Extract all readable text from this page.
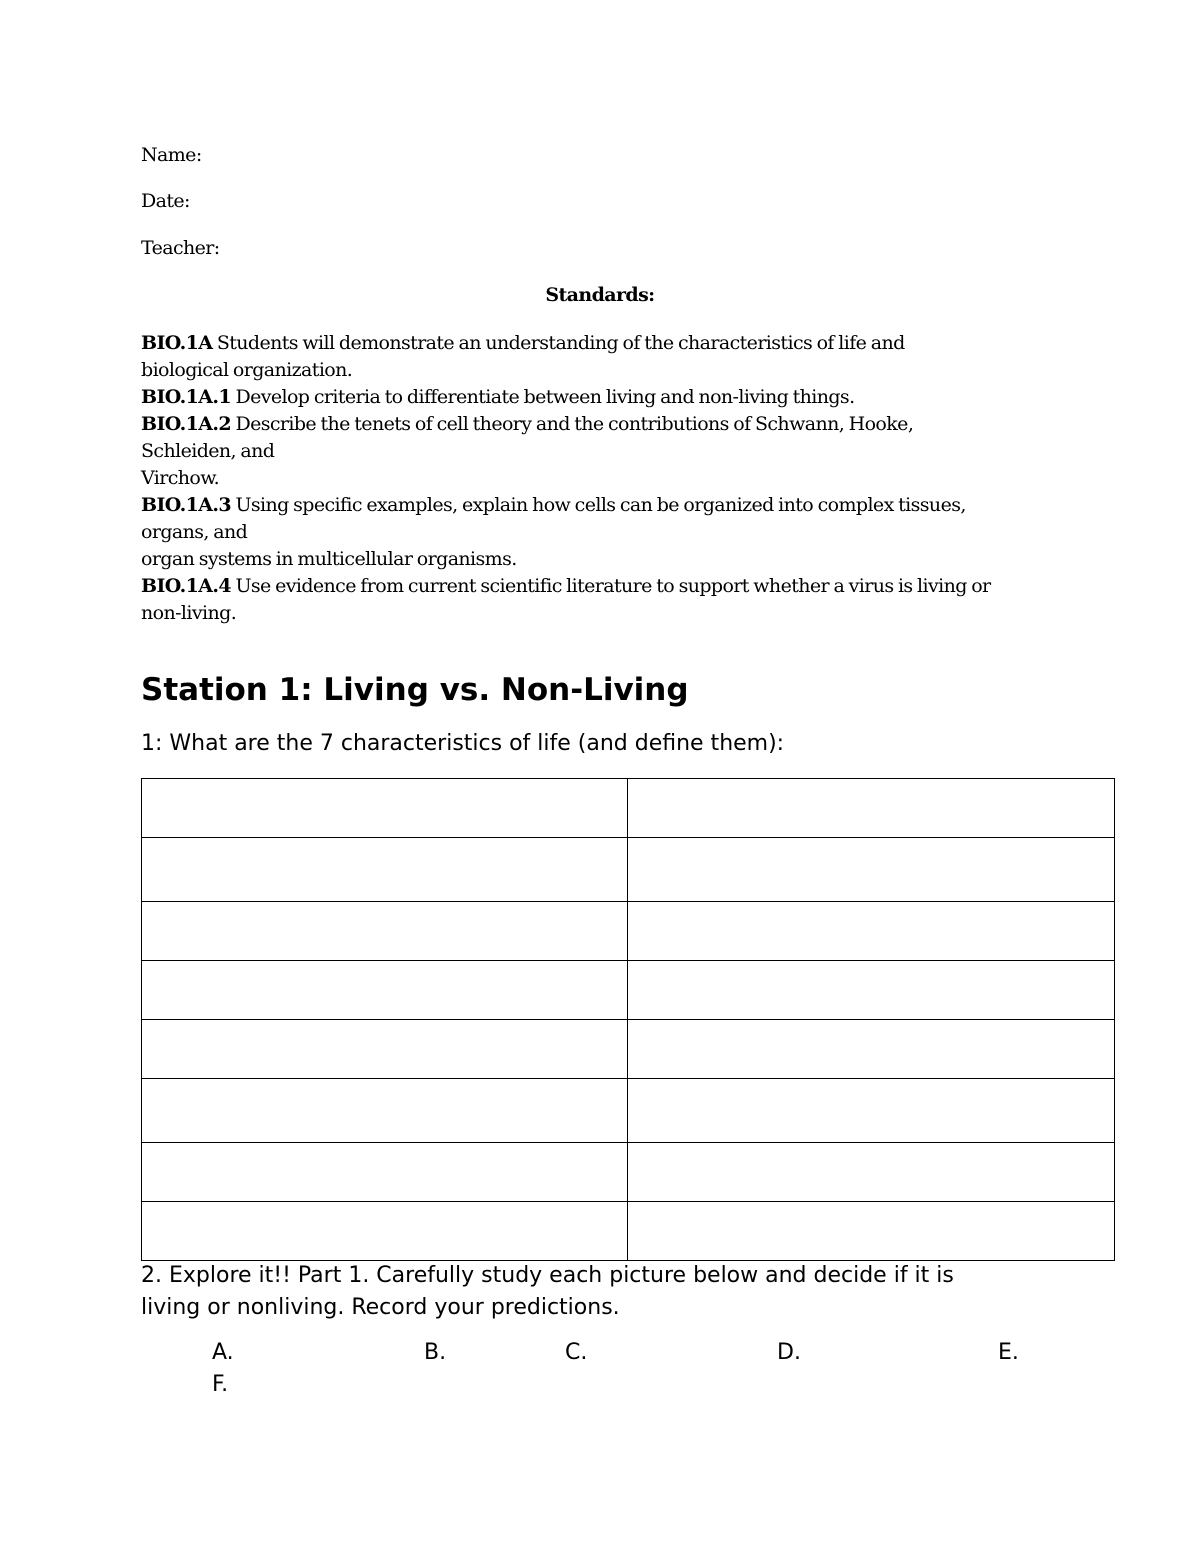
Name:
Date:
Teacher:
Standards:
BIO.1A Students will demonstrate an understanding of the characteristics of life and
biological organization.
BIO.1A.1 Develop criteria to differentiate between living and non-living things.
BIO.1A.2 Describe the tenets of cell theory and the contributions of Schwann, Hooke,
Schleiden, and
Virchow.
BIO.1A.3 Using specific examples, explain how cells can be organized into complex tissues,
organs, and
organ systems in multicellular organisms.
BIO.1A.4 Use evidence from current scientific literature to support whether a virus is living or
non-living.
Station 1: Living vs. Non-Living
1: What are the 7 characteristics of life (and define them):

2. Explore it!! Part 1. Carefully study each picture below and decide if it is
living or nonliving. Record your predictions.
A.	B.	C.	D.	E.
F.
